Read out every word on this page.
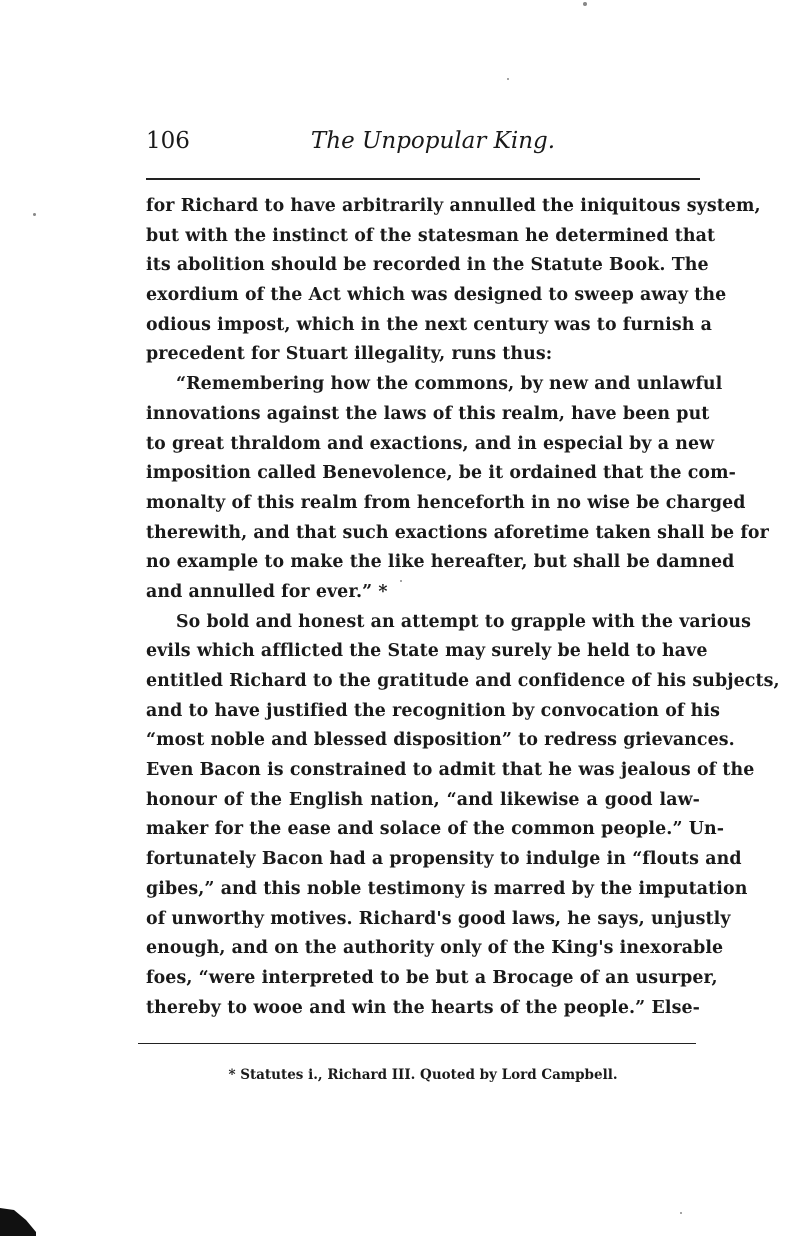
106	The Unpopular King.
for Richard to have arbitrarily annulled the iniquitous system,
but with the instinct of the statesman he determined that
its abolition should be recorded in the Statute Book. The
exordium of the Act which was designed to sweep away the
odious impost, which in the next century was to furnish a
precedent for Stuart illegality, runs thus:
“Remembering how the commons, by new and unlawful
innovations against the laws of this realm, have been put
to great thraldom and exactions, and in especial by a new
imposition called Benevolence, be it ordained that the com-
monalty of this realm from henceforth in no wise be charged
therewith, and that such exactions aforetime taken shall be for
no example to make the like hereafter, but shall be damned
and annulled for ever.” *
So bold and honest an attempt to grapple with the various
evils which afflicted the State may surely be held to have
entitled Richard to the gratitude and confidence of his subjects,
and to have justified the recognition by convocation of his
“most noble and blessed disposition” to redress grievances.
Even Bacon is constrained to admit that he was jealous of the
honour of the English nation, “and likewise a good law-
maker for the ease and solace of the common people.” Un-
fortunately Bacon had a propensity to indulge in “flouts and
gibes,” and this noble testimony is marred by the imputation
of unworthy motives. Richard's good laws, he says, unjustly
enough, and on the authority only of the King's inexorable
foes, “were interpreted to be but a Brocage of an usurper,
thereby to wooe and win the hearts of the people.” Else-
* Statutes i., Richard III. Quoted by Lord Campbell.
